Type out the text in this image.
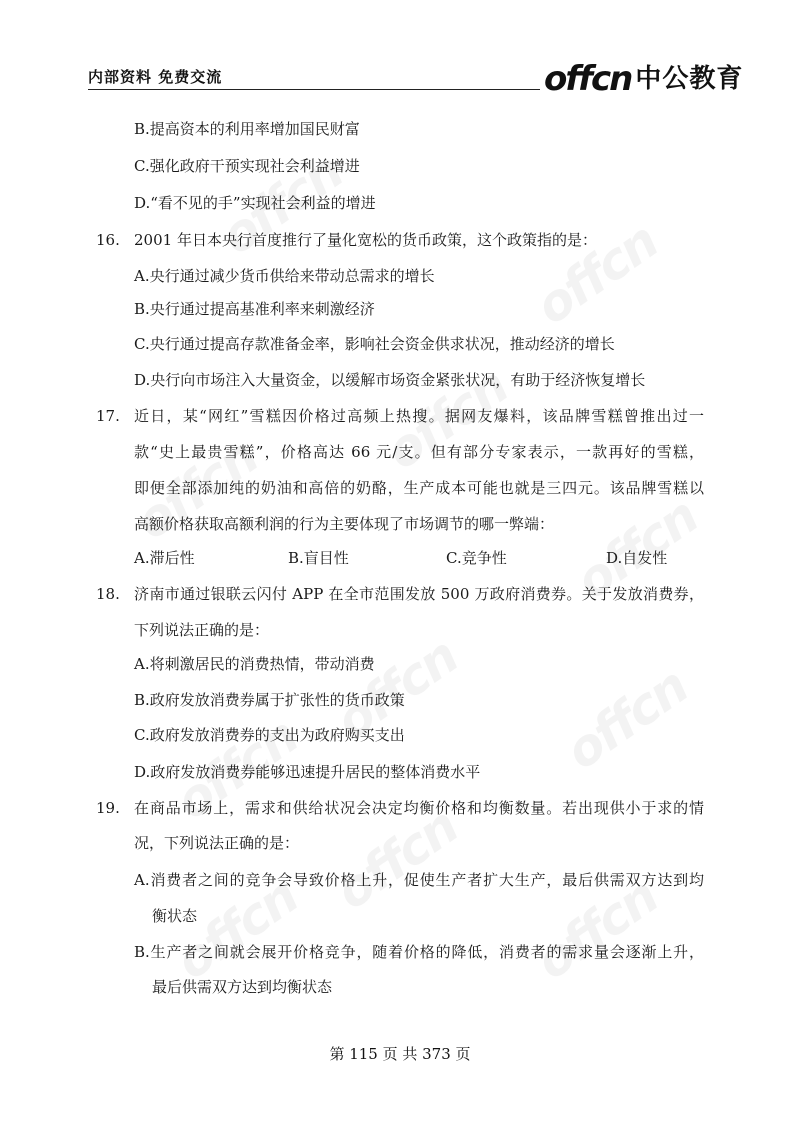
内部资料 免费交流	offcn 中公教育
B.提高资本的利用率增加国民财富
C.强化政府干预实现社会利益增进
D.“看不见的手”实现社会利益的增进
16. 2001 年日本央行首度推行了量化宽松的货币政策，这个政策指的是：
A.央行通过减少货币供给来带动总需求的增长
B.央行通过提高基准利率来刺激经济
C.央行通过提高存款准备金率，影响社会资金供求状况，推动经济的增长
D.央行向市场注入大量资金，以缓解市场资金紧张状况，有助于经济恢复增长
17. 近日，某“网红”雪糕因价格过高频上热搜。据网友爆料，该品牌雪糕曾推出过一
款“史上最贵雪糕”，价格高达 66 元/支。但有部分专家表示，一款再好的雪糕，
即便全部添加纯的奶油和高倍的奶酪，生产成本可能也就是三四元。该品牌雪糕以
高额价格获取高额利润的行为主要体现了市场调节的哪一弊端：
A.滞后性	B.盲目性	C.竞争性	D.自发性
18. 济南市通过银联云闪付 APP 在全市范围发放 500 万政府消费券。关于发放消费券，
下列说法正确的是：
A.将刺激居民的消费热情，带动消费
B.政府发放消费券属于扩张性的货币政策
C.政府发放消费券的支出为政府购买支出
D.政府发放消费券能够迅速提升居民的整体消费水平
19. 在商品市场上，需求和供给状况会决定均衡价格和均衡数量。若出现供小于求的情
况，下列说法正确的是：
A.消费者之间的竞争会导致价格上升，促使生产者扩大生产，最后供需双方达到均
衡状态
B.生产者之间就会展开价格竞争，随着价格的降低，消费者的需求量会逐渐上升，
最后供需双方达到均衡状态
第 115 页 共 373 页
